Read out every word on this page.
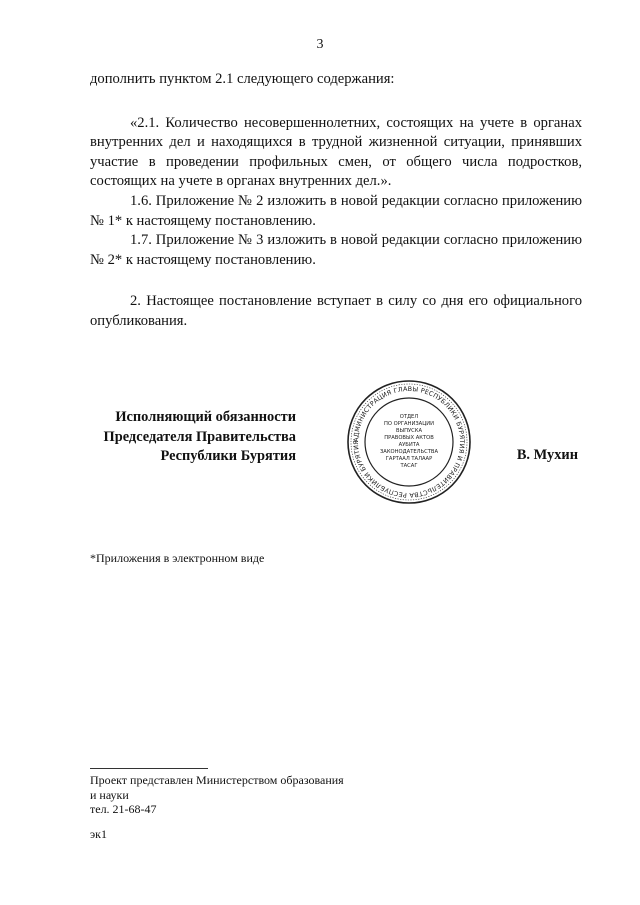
3

дополнить пунктом 2.1 следующего содержания:

«2.1. Количество несовершеннолетних, состоящих на учете в органах внутренних дел и находящихся в трудной жизненной ситуации, принявших участие в проведении профильных смен, от общего числа подростков, состоящих на учете в органах внутренних дел.».

1.6. Приложение № 2 изложить в новой редакции согласно приложению № 1* к настоящему постановлению.

1.7. Приложение № 3 изложить в новой редакции согласно приложению № 2* к настоящему постановлению.

2. Настоящее постановление вступает в силу со дня его официального опубликования.

Исполняющий обязанности
Председателя Правительства
Республики Бурятия
АДМИНИСТРАЦИЯ ГЛАВЫ РЕСПУБЛИКИ БУРЯТИЯ И ПРАВИТЕЛЬСТВА РЕСПУБЛИКИ БУРЯТИЯ
ОТДЕЛ
ПО ОРГАНИЗАЦИИ
ВЫПУСКА
ПРАВОВЫХ АКТОВ
АУБИТА
ЗАКОНОДАТЕЛЬСТВА
ГАРТААЛ ТАЛААР
ТАСАГ
В. Мухин
*Приложения в электронном виде
Проект представлен Министерством образования
и науки
тел. 21-68-47
эк1
